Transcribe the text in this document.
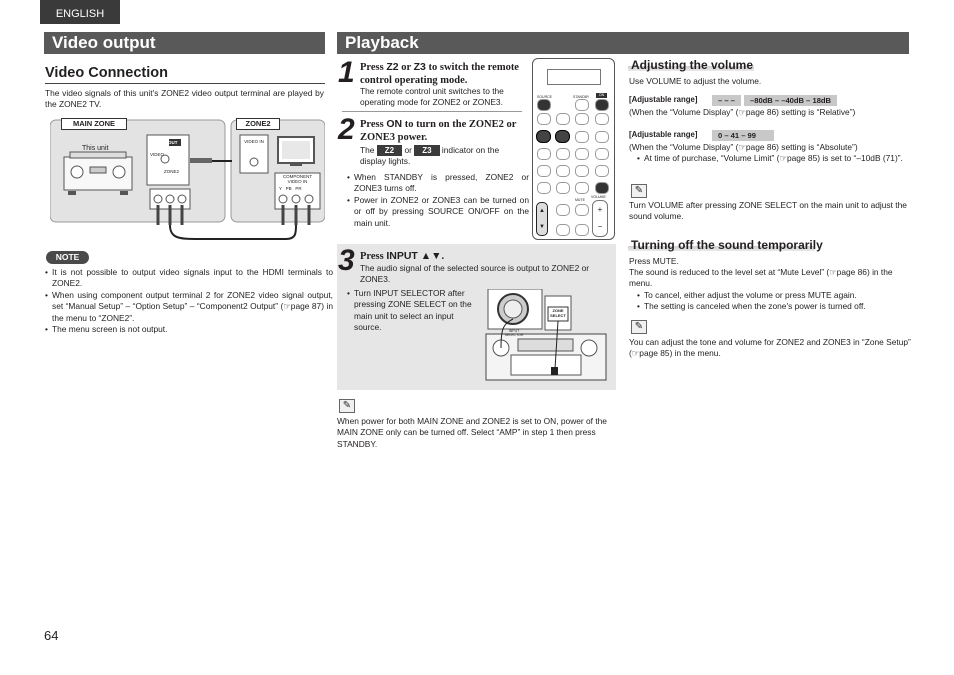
ENGLISH
Video output
Video Connection
The video signals of this unit's ZONE2 video output terminal are played by the ZONE2 TV.
MAIN ZONE	ZONE2
This unit
VIDEO
OUT
ZONE2
VIDEO IN
COMPONENT VIDEO IN
Y   PB   PR
NOTE
• It is not possible to output video signals input to the HDMI terminals to ZONE2.
• When using component output terminal 2 for ZONE2 video signal output, set “Manual Setup” – “Option Setup” – “Component2 Output” (☞page 87) in the menu to “ZONE2”.
• The menu screen is not output.
Playback
1 Press Z2 or Z3 to switch the remote control operating mode.
The remote control unit switches to the operating mode for ZONE2 or ZONE3.
2 Press ON to turn on the ZONE2 or ZONE3 power.
The Z2 or Z3 indicator on the display lights.
• When STANDBY is pressed, ZONE2 or ZONE3 turns off.
• Power in ZONE2 or ZONE3 can be turned on or off by pressing SOURCE ON/OFF on the main unit.
SOURCE	STANDBY	ON
▲
▼
MUTE
+
−
VOLUME
3 Press INPUT ▲▼.
The audio signal of the selected source is output to ZONE2 or ZONE3.
• Turn INPUT SELECTOR after pressing ZONE SELECT on the main unit to select an input source.	INPUT SELECTOR
ZONE SELECT
✎
When power for both MAIN ZONE and ZONE2 is set to ON, power of the MAIN ZONE only can be turned off. Select “AMP” in step 1 then press STANDBY.
Adjusting the volume
Use VOLUME to adjust the volume.
[Adjustable range]	– – –	–80dB – –40dB – 18dB
(When the “Volume Display” (☞page 86) setting is “Relative”)
[Adjustable range]	0 – 41 – 99
(When the “Volume Display” (☞page 86) setting is “Absolute”)
• At time of purchase, “Volume Limit” (☞page 85) is set to “–10dB (71)”.
✎
Turn VOLUME after pressing ZONE SELECT on the main unit to adjust the sound volume.
Turning off the sound temporarily
Press MUTE.
The sound is reduced to the level set at “Mute Level” (☞page 86) in the menu.
• To cancel, either adjust the volume or press MUTE again.
• The setting is canceled when the zone's power is turned off.
✎
You can adjust the tone and volume for ZONE2 and ZONE3 in “Zone Setup” (☞page 85) in the menu.
64
